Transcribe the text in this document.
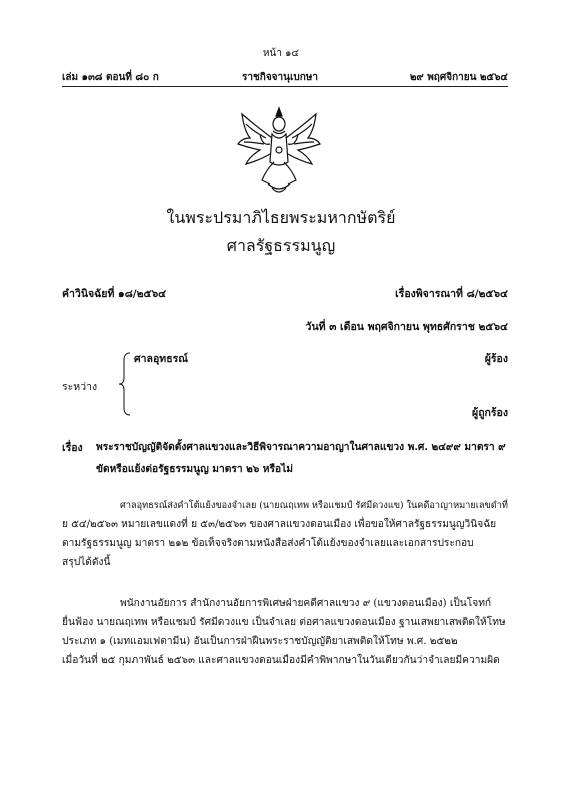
หน้า ๑๔
เล่ม ๑๓๘ ตอนที่ ๘๐ ก	ราชกิจจานุเบกษา	๒๙ พฤศจิกายน ๒๕๖๔
ในพระปรมาภิไธยพระมหากษัตริย์
ศาลรัฐธรรมนูญ
คำวินิจฉัยที่ ๑๘/๒๕๖๔	เรื่องพิจารณาที่ ๘/๒๕๖๔
วันที่ ๓ เดือน พฤศจิกายน พุทธศักราช ๒๕๖๔
ระหว่าง
ศาลอุทธรณ์	ผู้ร้อง
ผู้ถูกร้อง
เรื่อง พระราชบัญญัติจัดตั้งศาลแขวงและวิธีพิจารณาความอาญาในศาลแขวง พ.ศ. ๒๔๙๙ มาตรา ๙
ขัดหรือแย้งต่อรัฐธรรมนูญ มาตรา ๒๖ หรือไม่
ศาลอุทธรณ์ส่งคำโต้แย้งของจำเลย (นายณฤเทพ หรือแชมป์ รัศมีดวงแข) ในคดีอาญาหมายเลขดำที่
ย ๕๔/๒๕๖๓ หมายเลขแดงที่ ย ๕๓/๒๕๖๓ ของศาลแขวงดอนเมือง เพื่อขอให้ศาลรัฐธรรมนูญวินิจฉัย
ตามรัฐธรรมนูญ มาตรา ๒๑๒ ข้อเท็จจริงตามหนังสือส่งคำโต้แย้งของจำเลยและเอกสารประกอบ
สรุปได้ดังนี้
พนักงานอัยการ สำนักงานอัยการพิเศษฝ่ายคดีศาลแขวง ๙ (แขวงดอนเมือง) เป็นโจทก์
ยื่นฟ้อง นายณฤเทพ หรือแชมป์ รัศมีดวงแข เป็นจำเลย ต่อศาลแขวงดอนเมือง ฐานเสพยาเสพติดให้โทษ
ประเภท ๑ (เมทแอมเฟตามีน) อันเป็นการฝ่าฝืนพระราชบัญญัติยาเสพติดให้โทษ พ.ศ. ๒๕๒๒
เมื่อวันที่ ๒๕ กุมภาพันธ์ ๒๕๖๓ และศาลแขวงดอนเมืองมีคำพิพากษาในวันเดียวกันว่าจำเลยมีความผิด
